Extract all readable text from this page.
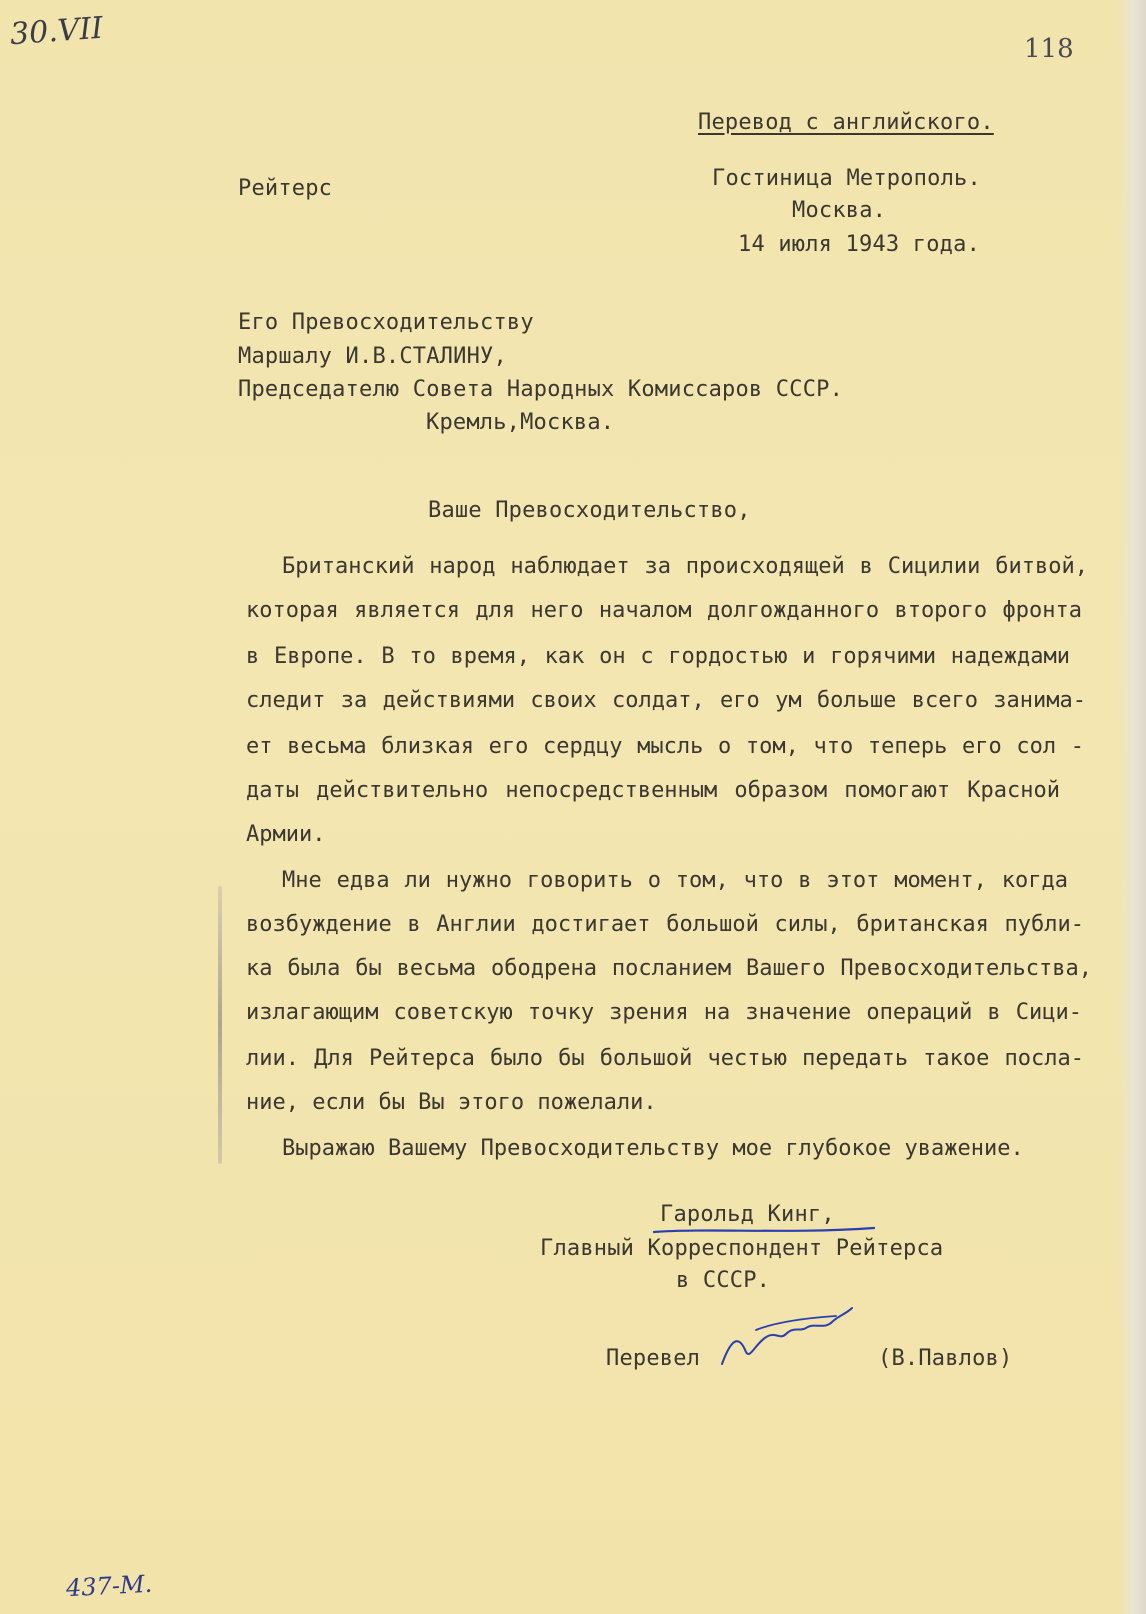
30.VII	118
Перевод с английского.
Рейтерс	Гостиница Метрополь.
Москва.
14 июля 1943 года.
Его Превосходительству
Маршалу И.В.СТАЛИНУ,
Председателю Совета Народных Комиссаров СССР.
Кремль,Москва.
Ваше Превосходительство,
Британский народ наблюдает за происходящей в Сицилии битвой,
которая является для него началом долгожданного второго фронта
в Европе. В то время, как он с гордостью и горячими надеждами
следит за действиями своих солдат, его ум больше всего занима-
ет весьма близкая его сердцу мысль о том, что теперь его сол -
даты действительно непосредственным образом помогают Красной
Армии.
Мне едва ли нужно говорить о том, что в этот момент, когда
возбуждение в Англии достигает большой силы, британская публи-
ка была бы весьма ободрена посланием Вашего Превосходительства,
излагающим советскую точку зрения на значение операций в Сици-
лии. Для Рейтерса было бы большой честью передать такое посла-
ние, если бы Вы этого пожелали.
Выражаю Вашему Превосходительству мое глубокое уважение.
Гарольд Кинг,
Главный Корреспондент Рейтерса
в СССР.
Перевел	(В.Павлов)
437-М.
